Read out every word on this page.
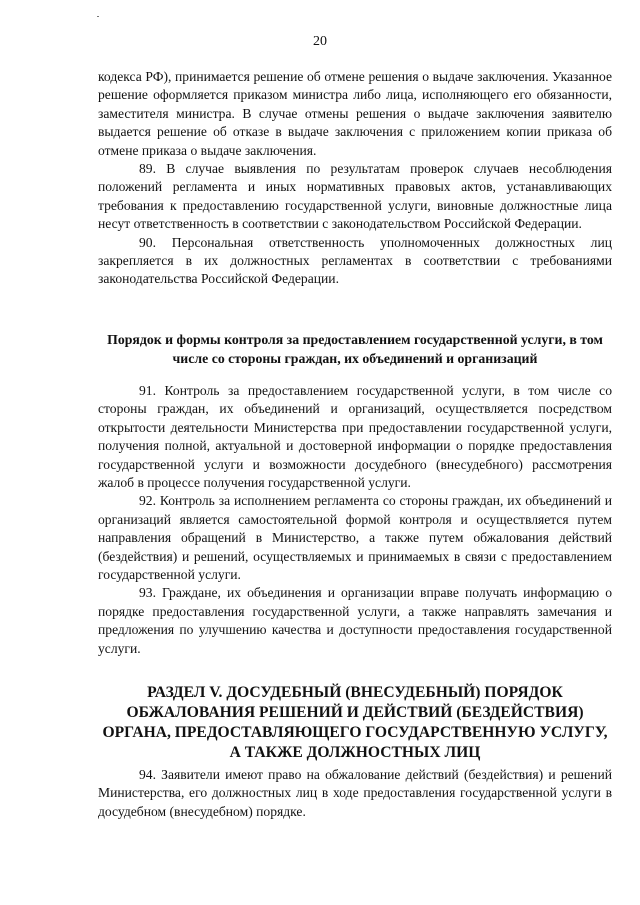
20

кодекса РФ), принимается решение об отмене решения о выдаче заключения. Указанное решение оформляется приказом министра либо лица, исполняющего его обязанности, заместителя министра. В случае отмены решения о выдаче заключения заявителю выдается решение об отказе в выдаче заключения с приложением копии приказа об отмене приказа о выдаче заключения.

89. В случае выявления по результатам проверок случаев несоблюдения положений регламента и иных нормативных правовых актов, устанавливающих требования к предоставлению государственной услуги, виновные должностные лица несут ответственность в соответствии с законодательством Российской Федерации.

90. Персональная ответственность уполномоченных должностных лиц закрепляется в их должностных регламентах в соответствии с требованиями законодательства Российской Федерации.

Порядок и формы контроля за предоставлением государственной услуги, в том числе со стороны граждан, их объединений и организаций

91. Контроль за предоставлением государственной услуги, в том числе со стороны граждан, их объединений и организаций, осуществляется посредством открытости деятельности Министерства при предоставлении государственной услуги, получения полной, актуальной и достоверной информации о порядке предоставления государственной услуги и возможности досудебного (внесудебного) рассмотрения жалоб в процессе получения государственной услуги.

92. Контроль за исполнением регламента со стороны граждан, их объединений и организаций является самостоятельной формой контроля и осуществляется путем направления обращений в Министерство, а также путем обжалования действий (бездействия) и решений, осуществляемых и принимаемых в связи с предоставлением государственной услуги.

93. Граждане, их объединения и организации вправе получать информацию о порядке предоставления государственной услуги, а также направлять замечания и предложения по улучшению качества и доступности предоставления государственной услуги.

РАЗДЕЛ V. ДОСУДЕБНЫЙ (ВНЕСУДЕБНЫЙ) ПОРЯДОК ОБЖАЛОВАНИЯ РЕШЕНИЙ И ДЕЙСТВИЙ (БЕЗДЕЙСТВИЯ) ОРГАНА, ПРЕДОСТАВЛЯЮЩЕГО ГОСУДАРСТВЕННУЮ УСЛУГУ, А ТАКЖЕ ДОЛЖНОСТНЫХ ЛИЦ

94. Заявители имеют право на обжалование действий (бездействия) и решений Министерства, его должностных лиц в ходе предоставления государственной услуги в досудебном (внесудебном) порядке.
